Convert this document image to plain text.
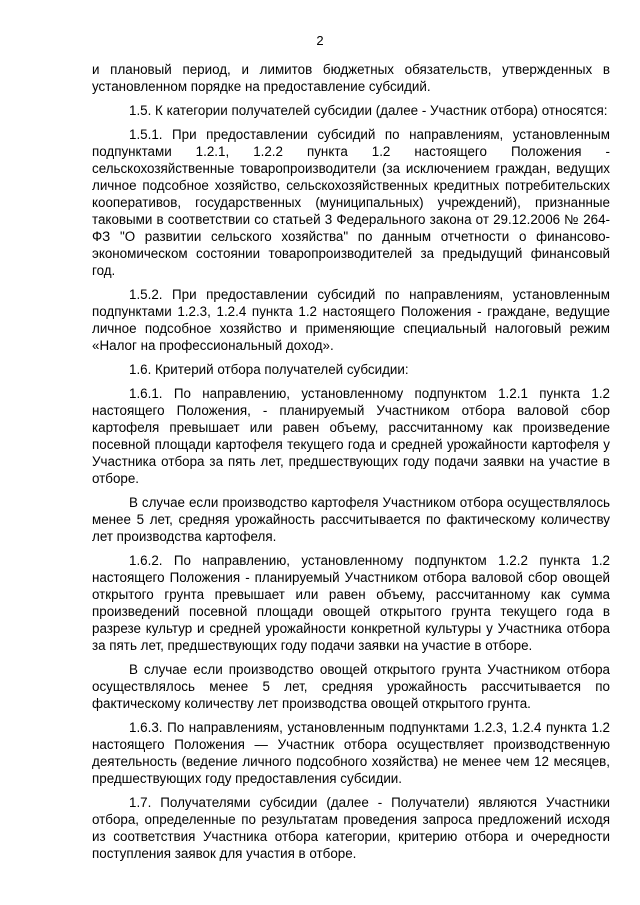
2

и плановый период, и лимитов бюджетных обязательств, утвержденных в установленном порядке на предоставление субсидий.

1.5. К категории получателей субсидии (далее - Участник отбора) относятся:

1.5.1. При предоставлении субсидий по направлениям, установленным подпунктами 1.2.1, 1.2.2 пункта 1.2 настоящего Положения - сельскохозяйственные товаропроизводители (за исключением граждан, ведущих личное подсобное хозяйство, сельскохозяйственных кредитных потребительских кооперативов, государственных (муниципальных) учреждений), признанные таковыми в соответствии со статьей 3 Федерального закона от 29.12.2006 № 264-ФЗ "О развитии сельского хозяйства" по данным отчетности о финансово-экономическом состоянии товаропроизводителей за предыдущий финансовый год.

1.5.2. При предоставлении субсидий по направлениям, установленным подпунктами 1.2.3, 1.2.4 пункта 1.2 настоящего Положения - граждане, ведущие личное подсобное хозяйство и применяющие специальный налоговый режим «Налог на профессиональный доход».

1.6. Критерий отбора получателей субсидии:

1.6.1. По направлению, установленному подпунктом 1.2.1 пункта 1.2 настоящего Положения, - планируемый Участником отбора валовой сбор картофеля превышает или равен объему, рассчитанному как произведение посевной площади картофеля текущего года и средней урожайности картофеля у Участника отбора за пять лет, предшествующих году подачи заявки на участие в отборе.

В случае если производство картофеля Участником отбора осуществлялось менее 5 лет, средняя урожайность рассчитывается по фактическому количеству лет производства картофеля.

1.6.2. По направлению, установленному подпунктом 1.2.2 пункта 1.2 настоящего Положения - планируемый Участником отбора валовой сбор овощей открытого грунта превышает или равен объему, рассчитанному как сумма произведений посевной площади овощей открытого грунта текущего года в разрезе культур и средней урожайности конкретной культуры у Участника отбора за пять лет, предшествующих году подачи заявки на участие в отборе.

В случае если производство овощей открытого грунта Участником отбора осуществлялось менее 5 лет, средняя урожайность рассчитывается по фактическому количеству лет производства овощей открытого грунта.

1.6.3. По направлениям, установленным подпунктами 1.2.3, 1.2.4 пункта 1.2 настоящего Положения — Участник отбора осуществляет производственную деятельность (ведение личного подсобного хозяйства) не менее чем 12 месяцев, предшествующих году предоставления субсидии.

1.7. Получателями субсидии (далее - Получатели) являются Участники отбора, определенные по результатам проведения запроса предложений исходя из соответствия Участника отбора категории, критерию отбора и очередности поступления заявок для участия в отборе.
